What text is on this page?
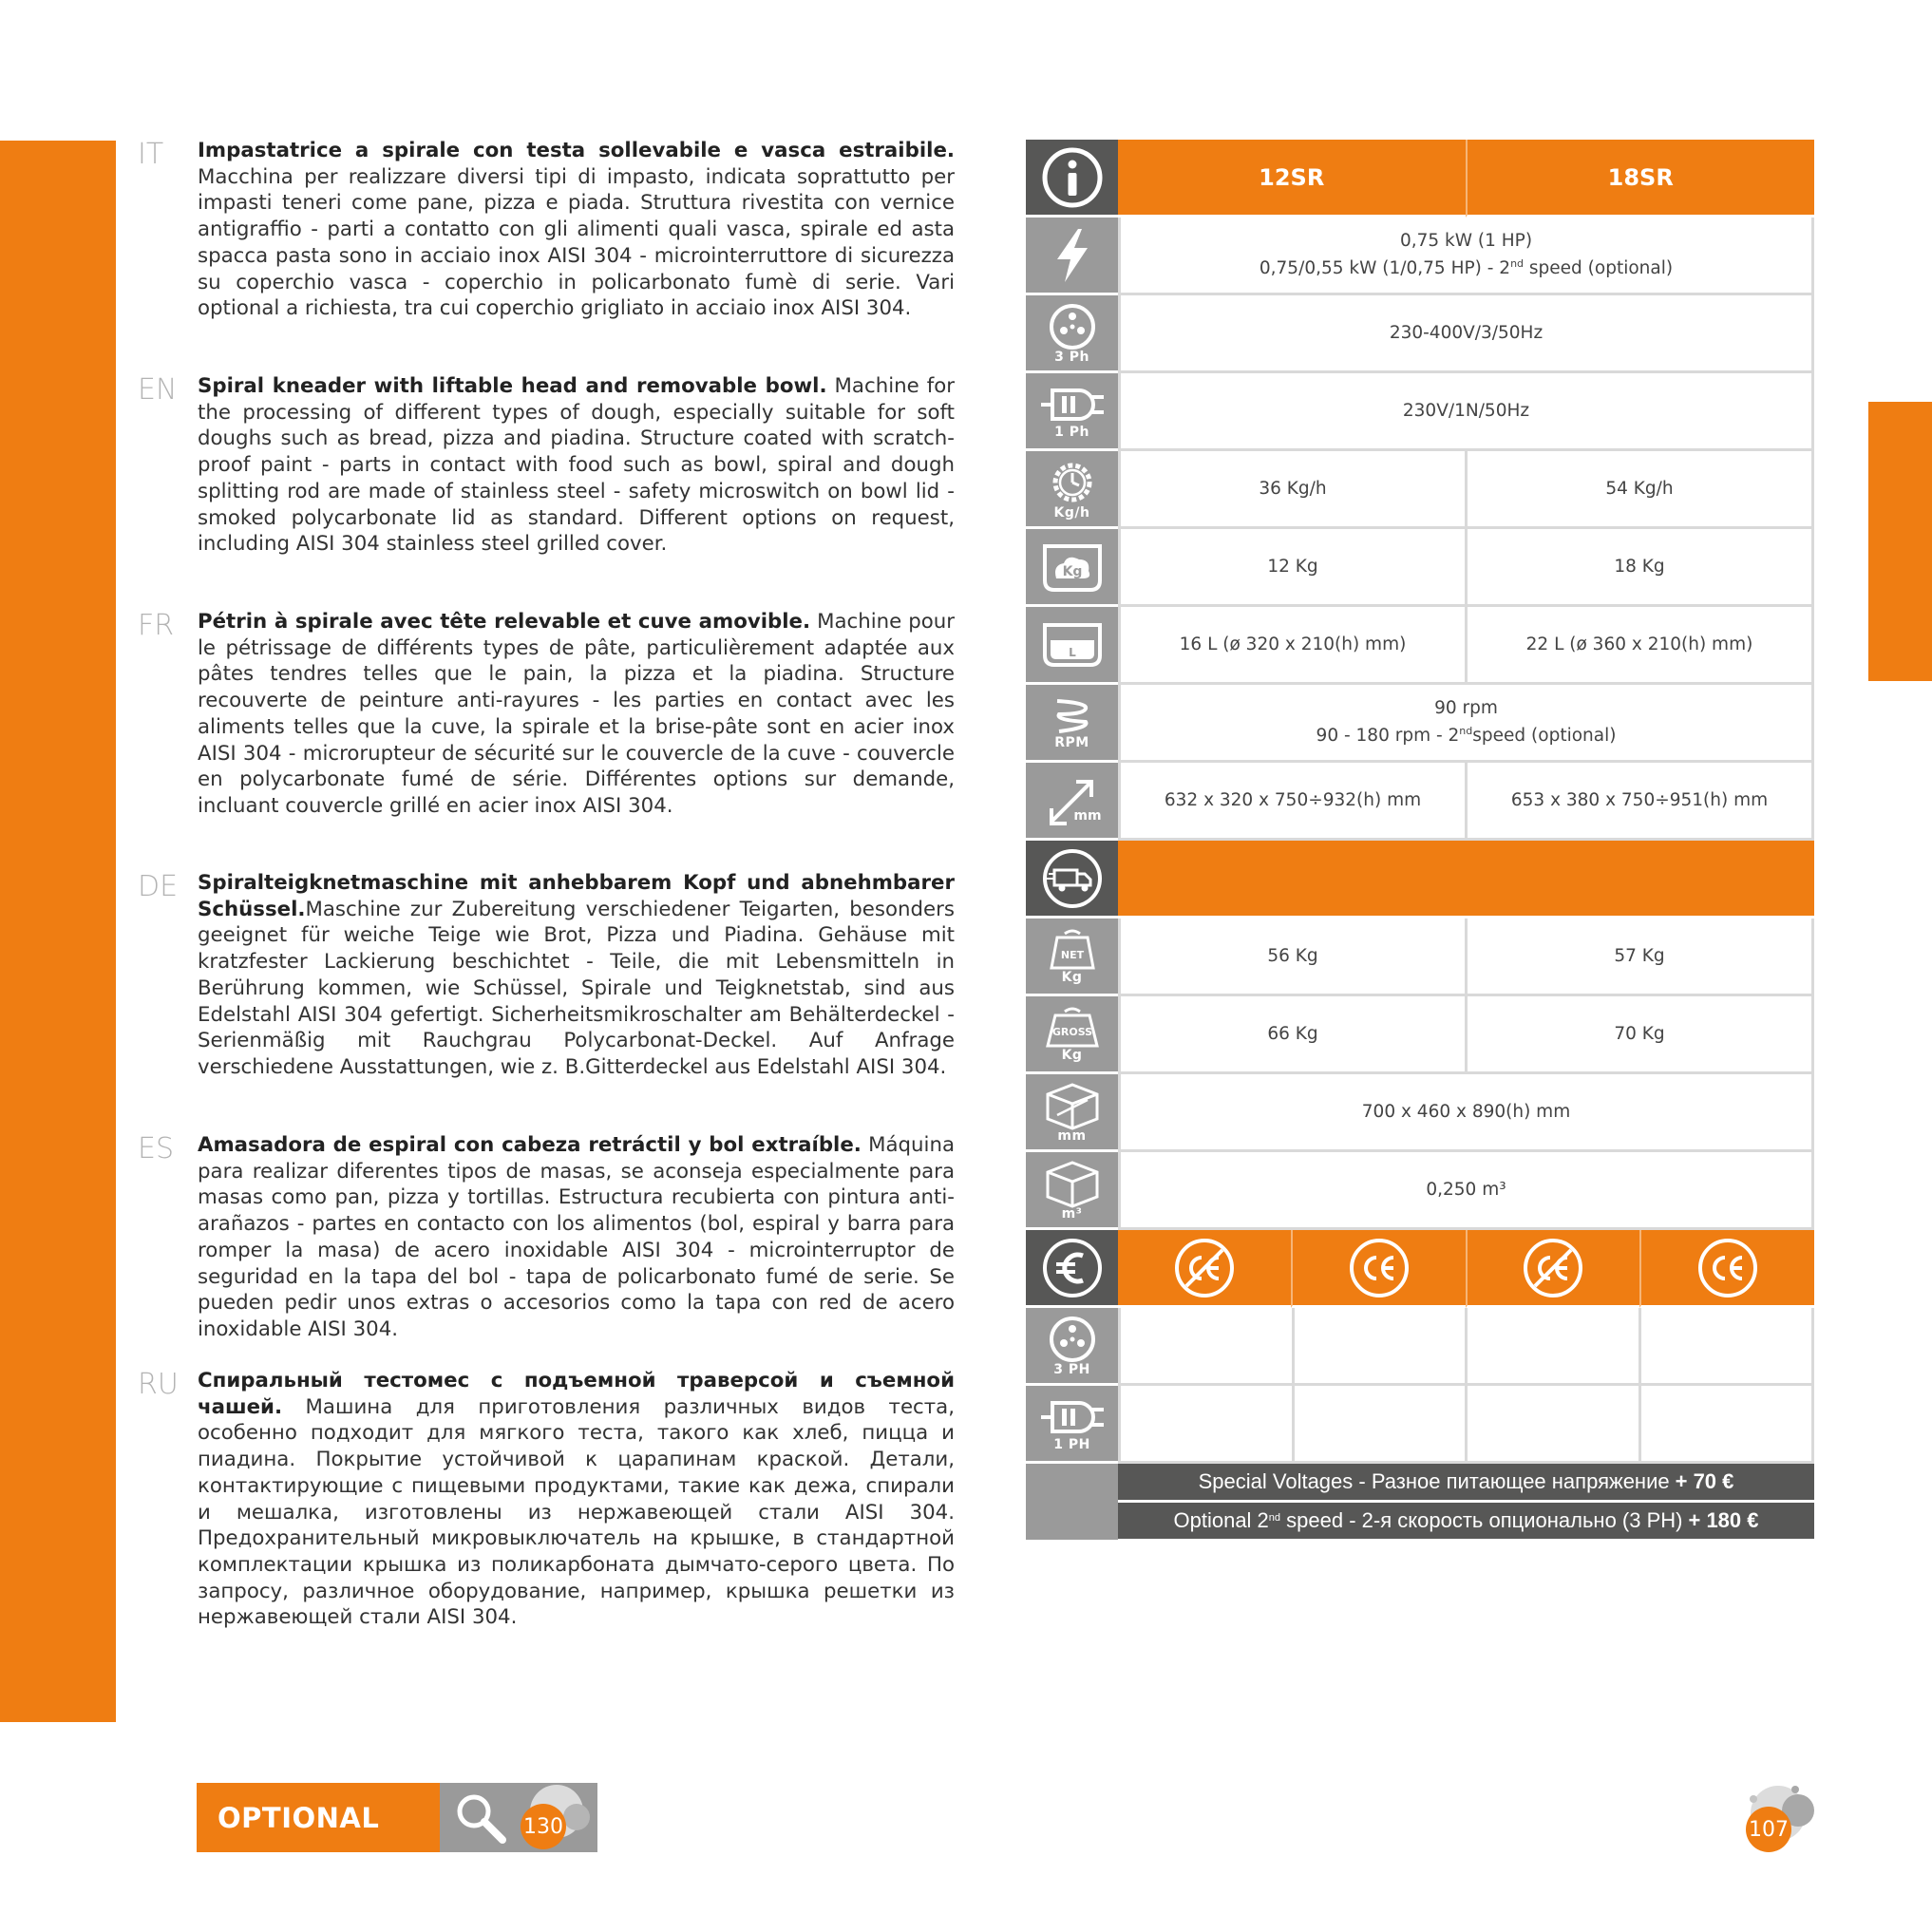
IT	Impastatrice a spirale con testa sollevabile e vasca estraibile. Macchina per realizzare diversi tipi di impasto, indicata soprattutto per impasti teneri come pane, pizza e piada. Struttura rivestita con vernice antigraffio - parti a contatto con gli alimenti quali vasca, spirale ed asta spacca pasta sono in acciaio inox AISI 304 - microinterruttore di sicurezza su coperchio vasca - coperchio in policarbonato fumè di serie. Vari optional a richiesta, tra cui coperchio grigliato in acciaio inox AISI 304.
EN	Spiral kneader with liftable head and removable bowl. Machine for the processing of different types of dough, especially suitable for soft doughs such as bread, pizza and piadina. Structure coated with scratch-proof paint - parts in contact with food such as bowl, spiral and dough splitting rod are made of stainless steel - safety microswitch on bowl lid - smoked polycarbonate lid as standard. Different options on request, including AISI 304 stainless steel grilled cover.
FR	Pétrin à spirale avec tête relevable et cuve amovible. Machine pour le pétrissage de différents types de pâte, particulièrement adaptée aux pâtes tendres telles que le pain, la pizza et la piadina. Structure recouverte de peinture anti-rayures - les parties en contact avec les aliments telles que la cuve, la spirale et la brise-pâte sont en acier inox AISI 304 - microrupteur de sécurité sur le couvercle de la cuve - couvercle en polycarbonate fumé de série. Différentes options sur demande, incluant couvercle grillé en acier inox AISI 304.
DE Spiralteigknetmaschine mit anhebbarem Kopf und abnehmbarer Schüssel.Maschine zur Zubereitung verschiedener Teigarten, besonders geeignet für weiche Teige wie Brot, Pizza und Piadina. Gehäuse mit kratzfester Lackierung beschichtet - Teile, die mit Lebensmitteln in Berührung kommen, wie Schüssel, Spirale und Teigknetstab, sind aus Edelstahl AISI 304 gefertigt. Sicherheitsmikroschalter am Behälterdeckel - Serienmäßig mit Rauchgrau Polycarbonat-Deckel. Auf Anfrage verschiedene Ausstattungen, wie z. B.Gitterdeckel aus Edelstahl AISI 304.
ES	Amasadora de espiral con cabeza retráctil y bol extraíble. Máquina para realizar diferentes tipos de masas, se aconseja especialmente para masas como pan, pizza y tortillas. Estructura recubierta con pintura anti-arañazos - partes en contacto con los alimentos (bol, espiral y barra para romper la masa) de acero inoxidable AISI 304 - microinterruptor de seguridad en la tapa del bol - tapa de policarbonato fumé de serie. Se pueden pedir unos extras o accesorios como la tapa con red de acero inoxidable AISI 304.
RU Спиральный тестомес с подъемной траверсой и съемной чашей. Машина для приготовления различных видов теста, особенно подходит для мягкого теста, такого как хлеб, пицца и пиадина. Покрытие устойчивой к царапинам краской. Детали, контактирующие с пищевыми продуктами, такие как дежа, спирали и мешалка, изготовлены из нержавеющей стали AISI 304. Предохранительный микровыключатель на крышке, в стандартной комплектации крышка из поликарбоната дымчато-серого цвета. По запросу, различное оборудование, например, крышка решетки из нержавеющей стали AISI 304.
12SR	18SR
0,75 kW (1 HP)
0,75/0,55 kW (1/0,75 HP) - 2nd speed (optional)
3 Ph
230-400V/3/50Hz
1 Ph
230V/1N/50Hz
Kg/h
36 Kg/h	54 Kg/h
Kg	12 Kg	18 Kg
L	16 L (ø 320 x 210(h) mm)	22 L (ø 360 x 210(h) mm)
RPM
90 rpm
90 - 180 rpm - 2ndspeed (optional)
mm
632 x 320 x 750÷932(h) mm	653 x 380 x 750÷951(h) mm
NET
Kg
56 Kg	57 Kg
GROSS
Kg
66 Kg	70 Kg
mm
700 x 460 x 890(h) mm
m³
0,250 m³
3 PH
1 PH
Special Voltages - Разное питающее напряжение + 70 €
Optional 2nd speed - 2-я скорость опционально (3 PH) + 180 €
OPTIONAL	130	107
